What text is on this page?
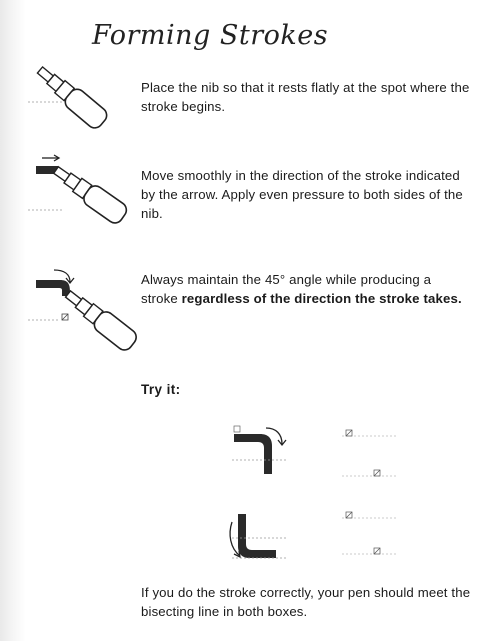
Forming Strokes
Place the nib so that it rests flatly at the spot where the stroke begins.
Move smoothly in the direction of the stroke indicated by the arrow. Apply even pressure to both sides of the nib.
Always maintain the 45° angle while producing a stroke regardless of the direction the stroke takes.
Try it:
If you do the stroke correctly, your pen should meet the bisecting line in both boxes.
